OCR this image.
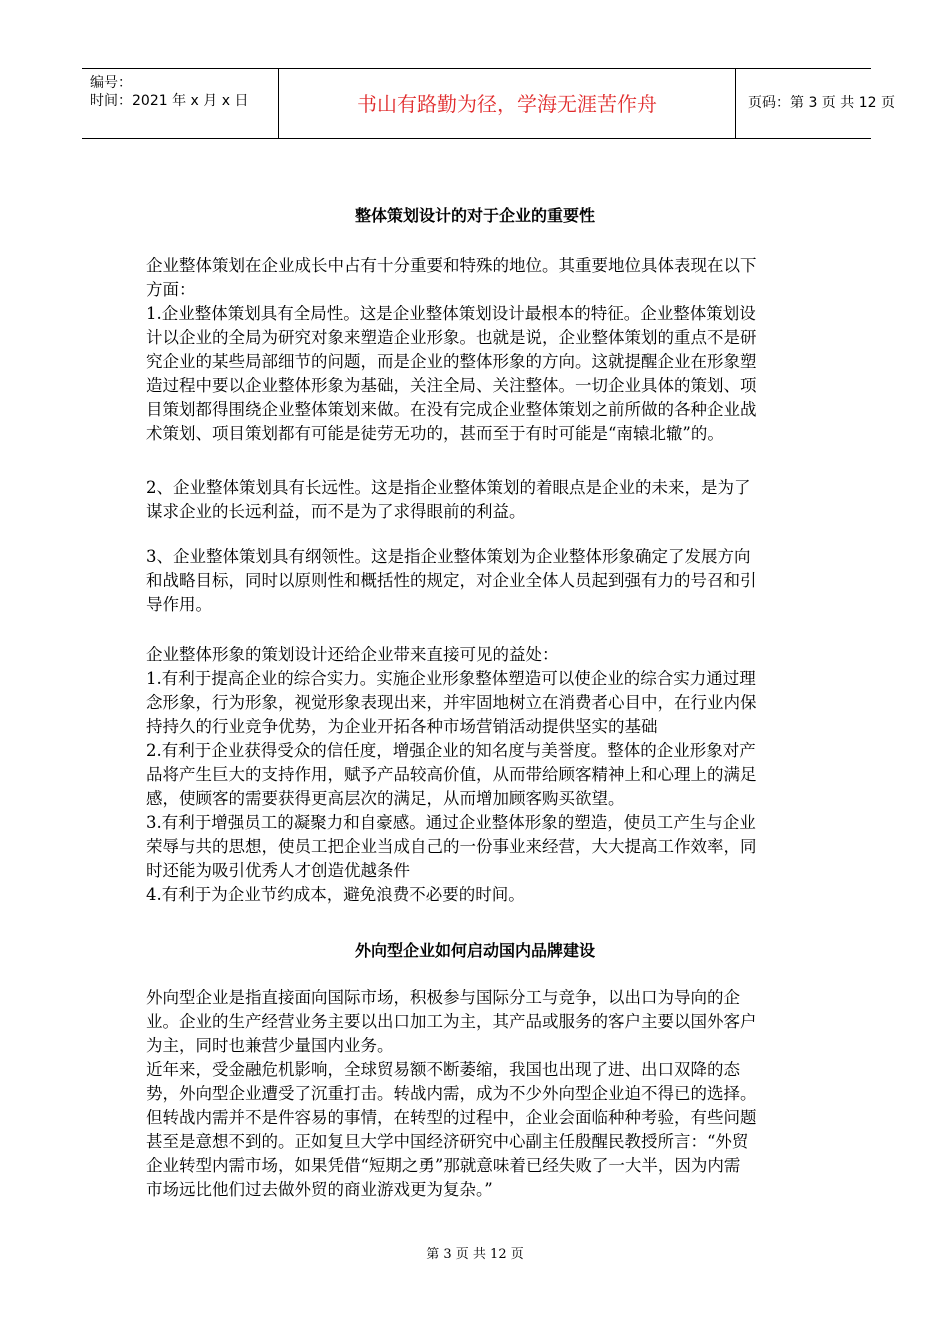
编号：
时间：2021 年 x 月 x 日	书山有路勤为径，学海无涯苦作舟	页码：第 3 页 共 12 页
整体策划设计的对于企业的重要性
企业整体策划在企业成长中占有十分重要和特殊的地位。其重要地位具体表现在以下
方面：
1.企业整体策划具有全局性。这是企业整体策划设计最根本的特征。企业整体策划设
计以企业的全局为研究对象来塑造企业形象。也就是说，企业整体策划的重点不是研
究企业的某些局部细节的问题，而是企业的整体形象的方向。这就提醒企业在形象塑
造过程中要以企业整体形象为基础，关注全局、关注整体。一切企业具体的策划、项
目策划都得围绕企业整体策划来做。在没有完成企业整体策划之前所做的各种企业战
术策划、项目策划都有可能是徒劳无功的，甚而至于有时可能是“南辕北辙”的。
2、企业整体策划具有长远性。这是指企业整体策划的着眼点是企业的未来，是为了
谋求企业的长远利益，而不是为了求得眼前的利益。
3、企业整体策划具有纲领性。这是指企业整体策划为企业整体形象确定了发展方向
和战略目标，同时以原则性和概括性的规定，对企业全体人员起到强有力的号召和引
导作用。
企业整体形象的策划设计还给企业带来直接可见的益处：
1.有利于提高企业的综合实力。实施企业形象整体塑造可以使企业的综合实力通过理
念形象，行为形象，视觉形象表现出来，并牢固地树立在消费者心目中，在行业内保
持持久的行业竞争优势，为企业开拓各种市场营销活动提供坚实的基础
2.有利于企业获得受众的信任度，增强企业的知名度与美誉度。整体的企业形象对产
品将产生巨大的支持作用，赋予产品较高价值，从而带给顾客精神上和心理上的满足
感，使顾客的需要获得更高层次的满足，从而增加顾客购买欲望。
3.有利于增强员工的凝聚力和自豪感。通过企业整体形象的塑造，使员工产生与企业
荣辱与共的思想，使员工把企业当成自己的一份事业来经营，大大提高工作效率，同
时还能为吸引优秀人才创造优越条件
4.有利于为企业节约成本，避免浪费不必要的时间。
外向型企业如何启动国内品牌建设
外向型企业是指直接面向国际市场，积极参与国际分工与竞争，以出口为导向的企
业。企业的生产经营业务主要以出口加工为主，其产品或服务的客户主要以国外客户
为主，同时也兼营少量国内业务。
近年来，受金融危机影响，全球贸易额不断萎缩，我国也出现了进、出口双降的态
势，外向型企业遭受了沉重打击。转战内需，成为不少外向型企业迫不得已的选择。
但转战内需并不是件容易的事情，在转型的过程中，企业会面临种种考验，有些问题
甚至是意想不到的。正如复旦大学中国经济研究中心副主任殷醒民教授所言：“外贸
企业转型内需市场，如果凭借“短期之勇”那就意味着已经失败了一大半，因为内需
市场远比他们过去做外贸的商业游戏更为复杂。”
第 3 页 共 12 页
